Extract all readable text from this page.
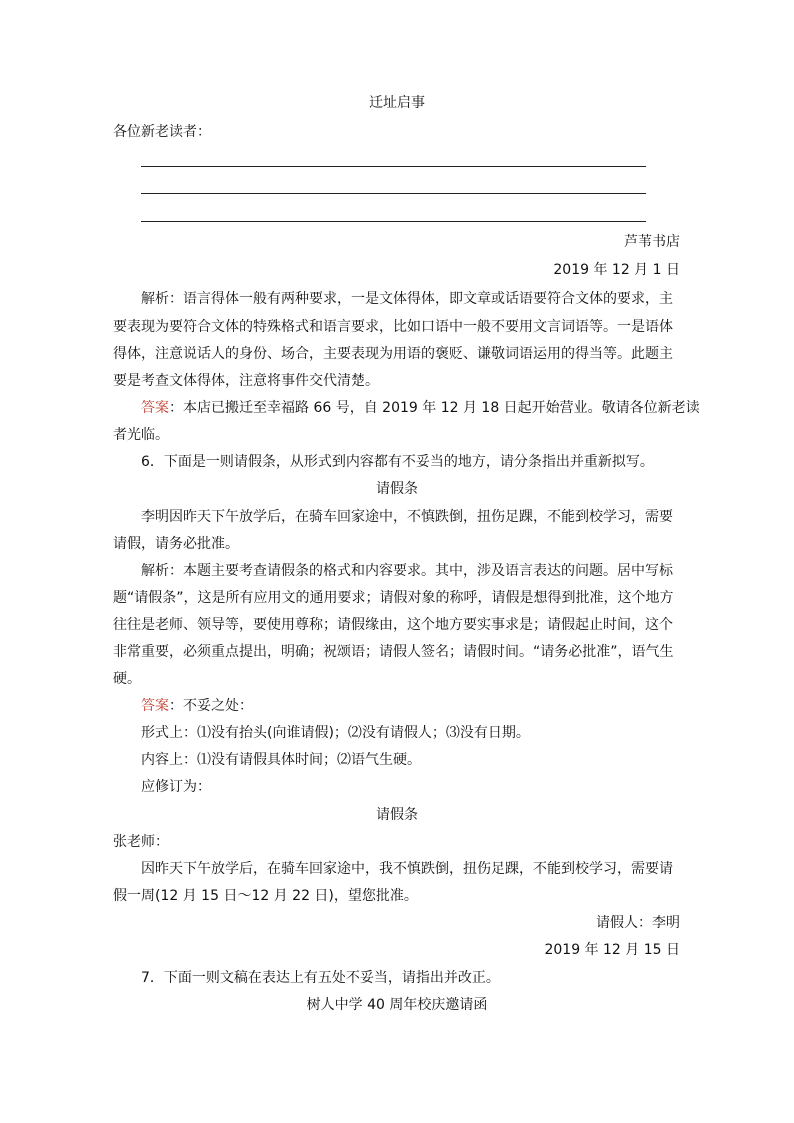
迁址启事
各位新老读者：
芦苇书店
2019 年 12 月 1 日
解析：语言得体一般有两种要求，一是文体得体，即文章或话语要符合文体的要求，主
要表现为要符合文体的特殊格式和语言要求，比如口语中一般不要用文言词语等。一是语体
得体，注意说话人的身份、场合，主要表现为用语的褒贬、谦敬词语运用的得当等。此题主
要是考查文体得体，注意将事件交代清楚。
答案：本店已搬迁至幸福路 66 号，自 2019 年 12 月 18 日起开始营业。敬请各位新老读
者光临。
6．下面是一则请假条，从形式到内容都有不妥当的地方，请分条指出并重新拟写。
请假条
李明因昨天下午放学后，在骑车回家途中，不慎跌倒，扭伤足踝，不能到校学习，需要
请假，请务必批准。
解析：本题主要考查请假条的格式和内容要求。其中，涉及语言表达的问题。居中写标
题“请假条”，这是所有应用文的通用要求；请假对象的称呼，请假是想得到批准，这个地方
往往是老师、领导等，要使用尊称；请假缘由，这个地方要实事求是；请假起止时间，这个
非常重要，必须重点提出，明确；祝颂语；请假人签名；请假时间。“请务必批准”，语气生
硬。
答案：不妥之处：
形式上：⑴没有抬头(向谁请假)；⑵没有请假人；⑶没有日期。
内容上：⑴没有请假具体时间；⑵语气生硬。
应修订为：
请假条
张老师：
因昨天下午放学后，在骑车回家途中，我不慎跌倒，扭伤足踝，不能到校学习，需要请
假一周(12 月 15 日～12 月 22 日)，望您批准。
请假人：李明
2019 年 12 月 15 日
7．下面一则文稿在表达上有五处不妥当，请指出并改正。
树人中学 40 周年校庆邀请函
